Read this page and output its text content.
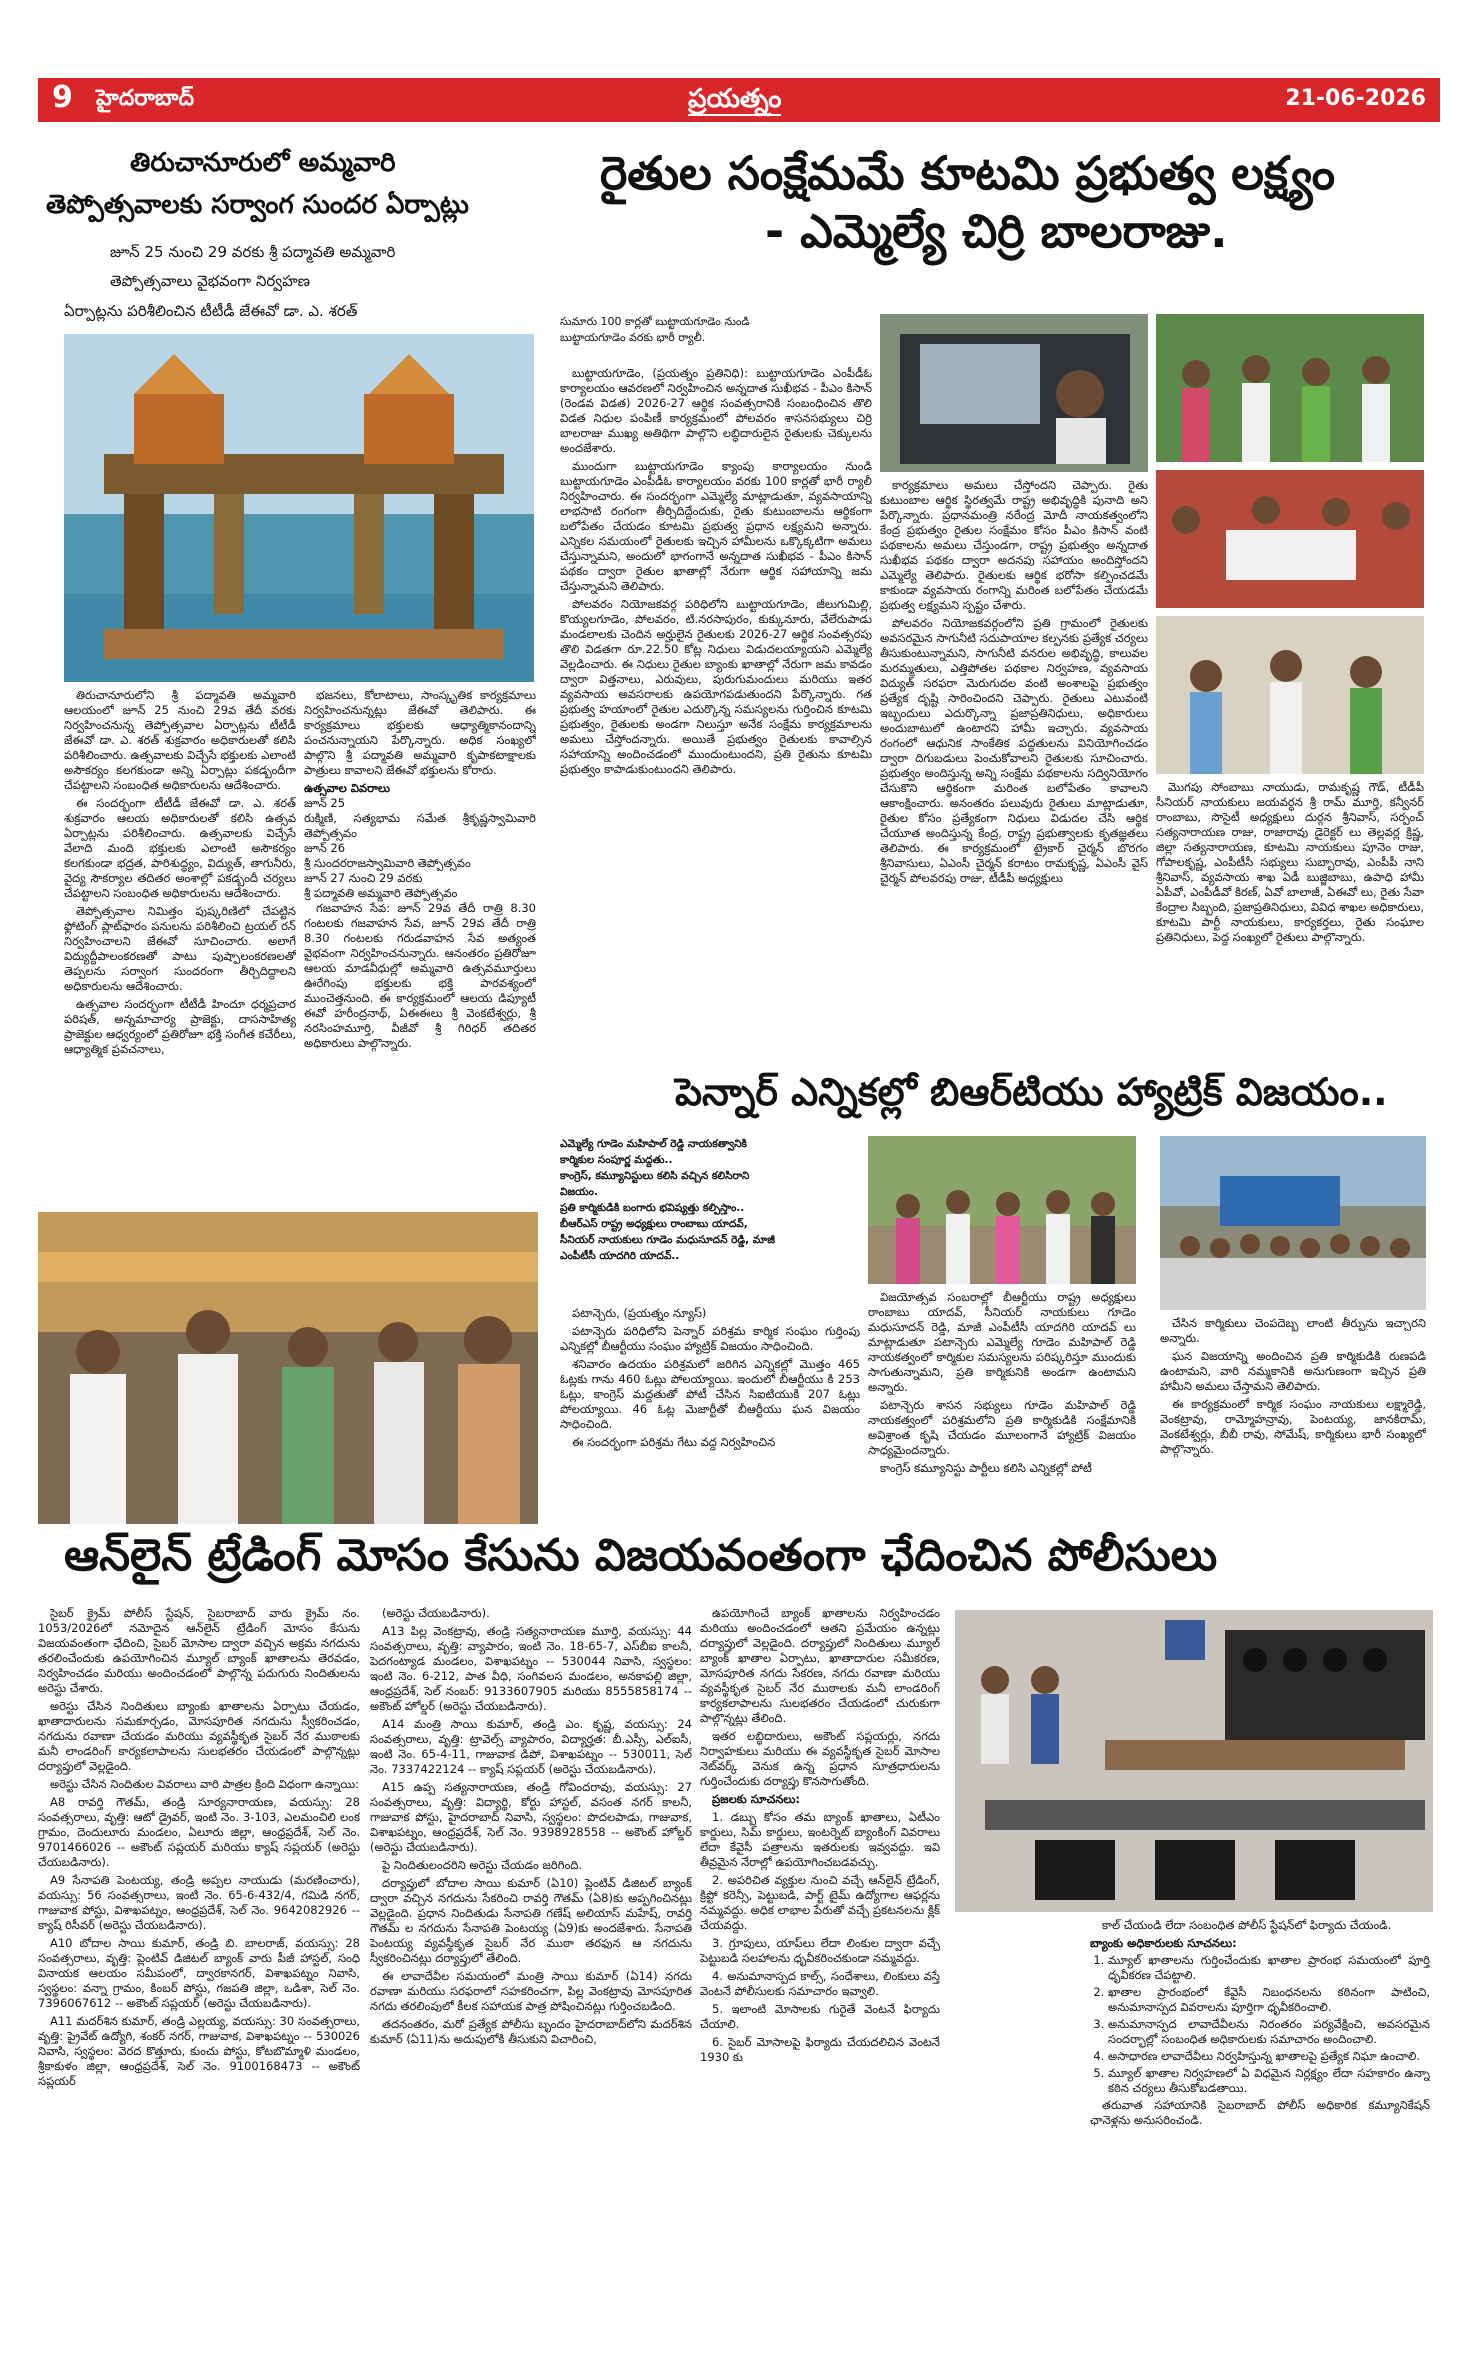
9 హైదరాబాద్	ప్రయత్నం	21-06-2026
తిరుచానూరులో అమ్మవారి
తెప్పోత్సవాలకు సర్వాంగ సుందర ఏర్పాట్లు
జూన్ 25 నుంచి 29 వరకు శ్రీ పద్మావతి అమ్మవారి
తెప్పోత్సవాలు వైభవంగా నిర్వహణ
ఏర్పాట్లను పరిశీలించిన టీటీడీ జేఈవో డా. ఎ. శరత్

తిరుచానూరులోని శ్రీ పద్మావతి అమ్మవారి ఆలయంలో జూన్ 25 నుంచి 29వ తేదీ వరకు నిర్వహించనున్న తెప్పోత్సవాల ఏర్పాట్లను టీటీడీ జేఈవో డా. ఎ. శరత్ శుక్రవారం అధికారులతో కలిసి పరిశీలించారు. ఉత్సవాలకు విచ్చేసే భక్తులకు ఎలాంటి అసౌకర్యం కలగకుండా అన్ని ఏర్పాట్లు పకడ్బందీగా చేపట్టాలని సంబంధిత అధికారులను ఆదేశించారు.

ఈ సందర్భంగా టీటీడీ జేఈవో డా. ఎ. శరత్ శుక్రవారం ఆలయ అధికారులతో కలిసి ఉత్సవ ఏర్పాట్లను పరిశీలించారు. ఉత్సవాలకు విచ్చేసే వేలాది మంది భక్తులకు ఎలాంటి అసౌకర్యం కలగకుండా భద్రత, పారిశుద్ధ్యం, విద్యుత్, తాగునీరు, వైద్య సౌకర్యాల తదితర అంశాల్లో పకడ్బందీ చర్యలు చేపట్టాలని సంబంధిత అధికారులను ఆదేశించారు.

తెప్పోత్సవాల నిమిత్తం పుష్కరిణిలో చేపట్టిన ఫ్లోటింగ్ ప్లాట్‌ఫారం పనులను పరిశీలించి ట్రయల్ రన్ నిర్వహించాలని జేఈవో సూచించారు. అలాగే విద్యుద్దీపాలంకరణతో పాటు పుష్పాలంకరణలతో తెప్పలను సర్వాంగ సుందరంగా తీర్చిదిద్దాలని అధికారులను ఆదేశించారు.

ఉత్సవాల సందర్భంగా టీటీడీ హిందూ ధర్మప్రచార పరిషత్, అన్నమాచార్య ప్రాజెక్టు, దాససాహిత్య ప్రాజెక్టుల ఆధ్వర్యంలో ప్రతిరోజూ భక్తి సంగీత కచేరీలు, ఆధ్యాత్మిక ప్రవచనాలు,

భజనలు, కోలాటాలు, సాంస్కృతిక కార్యక్రమాలు నిర్వహించనున్నట్లు జేఈవో తెలిపారు. ఈ కార్యక్రమాలు భక్తులకు ఆధ్యాత్మికానందాన్ని పంచనున్నాయని పేర్కొన్నారు. అధిక సంఖ్యలో పాల్గొని శ్రీ పద్మావతి అమ్మవారి కృపాకటాక్షాలకు పాత్రులు కావాలని జేఈవో భక్తులను కోరారు.

ఉత్సవాల వివరాలు
జూన్ 25
రుక్మిణి, సత్యభామ సమేత శ్రీకృష్ణస్వామివారి తెప్పోత్సవం
జూన్ 26
శ్రీ సుందరరాజస్వామివారి తెప్పోత్సవం
జూన్ 27 నుంచి 29 వరకు
శ్రీ పద్మావతి అమ్మవారి తెప్పోత్సవం

గజవాహన సేవ: జూన్ 29వ తేదీ రాత్రి 8.30 గంటలకు గజవాహన సేవ, జూన్ 29వ తేదీ రాత్రి 8.30 గంటలకు గరుడవాహన సేవ అత్యంత వైభవంగా నిర్వహించనున్నారు. ఆనంతరం ప్రతిరోజూ ఆలయ మాడవీధుల్లో అమ్మవారి ఉత్సవమూర్తులు ఊరేగింపు భక్తులకు భక్తి పారవశ్యంలో ముంచెత్తనుంది. ఈ కార్యక్రమంలో ఆలయ డిప్యూటీ ఈవో హరీంద్రనాథ్, ఏఈఈలు శ్రీ వెంకటేశ్వర్లు, శ్రీ నరసింహమూర్తి, వీజీవో శ్రీ గిరిధర్ తదితర అధికారులు పాల్గొన్నారు.

రైతుల సంక్షేమమే కూటమి ప్రభుత్వ లక్ష్యం
- ఎమ్మెల్యే చిర్రి బాలరాజు.
సుమారు 100 కార్లతో బుట్టాయగూడెం నుండి
బుట్టాయగూడెం వరకు భారీ ర్యాలీ.

బుట్టాయగూడెం, (ప్రయత్నం ప్రతినిధి): బుట్టాయగూడెం ఎంపీడీఓ కార్యాలయం ఆవరణలో నిర్వహించిన అన్నదాత సుఖీభవ - పీఎం కిసాన్ (రెండవ విడత) 2026-27 ఆర్థిక సంవత్సరానికి సంబంధించిన తొలి విడత నిధుల పంపిణీ కార్యక్రమంలో పోలవరం శాసనసభ్యులు చిర్రి బాలరాజు ముఖ్య అతిథిగా పాల్గొని లబ్ధిదారులైన రైతులకు చెక్కులను అందజేశారు.

ముందుగా బుట్టాయగూడెం క్యాంపు కార్యాలయం నుండి బుట్టాయగూడెం ఎంపీడీఓ కార్యాలయం వరకు 100 కార్లతో భారీ ర్యాలీ నిర్వహించారు. ఈ సందర్భంగా ఎమ్మెల్యే మాట్లాడుతూ, వ్యవసాయాన్ని లాభసాటి రంగంగా తీర్చిదిద్దేందుకు, రైతు కుటుంబాలను ఆర్థికంగా బలోపేతం చేయడం కూటమి ప్రభుత్వ ప్రధాన లక్ష్యమని అన్నారు. ఎన్నికల సమయంలో రైతులకు ఇచ్చిన హామీలను ఒక్కొక్కటిగా అమలు చేస్తున్నామని, అందులో భాగంగానే అన్నదాత సుఖీభవ - పీఎం కిసాన్ పథకం ద్వారా రైతుల ఖాతాల్లో నేరుగా ఆర్థిక సహాయాన్ని జమ చేస్తున్నామని తెలిపారు.

పోలవరం నియోజకవర్గ పరిధిలోని బుట్టాయగూడెం, జీలుగుమిల్లి, కొయ్యలగూడెం, పోలవరం, టి.నరసాపురం, కుక్కునూరు, వేలేరుపాడు మండలాలకు చెందిన అర్హులైన రైతులకు 2026-27 ఆర్థిక సంవత్సరపు తొలి విడతగా రూ.22.50 కోట్ల నిధులు విడుదలయ్యాయని ఎమ్మెల్యే వెల్లడించారు. ఈ నిధులు రైతుల బ్యాంకు ఖాతాల్లో నేరుగా జమ కావడం ద్వారా విత్తనాలు, ఎరువులు, పురుగుమందులు మరియు ఇతర వ్యవసాయ అవసరాలకు ఉపయోగపడుతుందని పేర్కొన్నారు. గత ప్రభుత్వ హయాంలో రైతుల ఎదుర్కొన్న సమస్యలను గుర్తించిన కూటమి ప్రభుత్వం, రైతులకు అండగా నిలుస్తూ అనేక సంక్షేమ కార్యక్రమాలను అమలు చేస్తోందన్నారు. అయితే ప్రభుత్వం రైతులకు కావాల్సిన సహాయాన్ని అందించడంలో ముందుంటుందని, ప్రతి రైతును కూటమి ప్రభుత్వం కాపాడుకుంటుందని తెలిపారు.

కార్యక్రమాలు అమలు చేస్తోందని చెప్పారు. రైతు కుటుంబాల ఆర్థిక స్థిరత్వమే రాష్ట్ర అభివృద్ధికి పునాది అని పేర్కొన్నారు. ప్రధానమంత్రి నరేంద్ర మోదీ నాయకత్వంలోని కేంద్ర ప్రభుత్వం రైతుల సంక్షేమం కోసం పీఎం కిసాన్ వంటి పథకాలను అమలు చేస్తుండగా, రాష్ట్ర ప్రభుత్వం అన్నదాత సుఖీభవ పథకం ద్వారా అదనపు సహాయం అందిస్తోందని ఎమ్మెల్యే తెలిపారు. రైతులకు ఆర్థిక భరోసా కల్పించడమే కాకుండా వ్యవసాయ రంగాన్ని మరింత బలోపేతం చేయడమే ప్రభుత్వ లక్ష్యమని స్పష్టం చేశారు.

పోలవరం నియోజకవర్గంలోని ప్రతి గ్రామంలో రైతులకు అవసరమైన సాగునీటి సదుపాయాల కల్పనకు ప్రత్యేక చర్యలు తీసుకుంటున్నామని, సాగునీటి వనరుల అభివృద్ధి, కాలువల మరమ్మతులు, ఎత్తిపోతల పథకాల నిర్వహణ, వ్యవసాయ విద్యుత్ సరఫరా మెరుగుదల వంటి అంశాలపై ప్రభుత్వం ప్రత్యేక దృష్టి సారించిందని చెప్పారు. రైతులు ఎటువంటి ఇబ్బందులు ఎదుర్కొన్నా ప్రజాప్రతినిధులు, అధికారులు అందుబాటులో ఉంటారని హామీ ఇచ్చారు. వ్యవసాయ రంగంలో ఆధునిక సాంకేతిక పద్ధతులను వినియోగించడం ద్వారా దిగుబడులు పెంచుకోవాలని రైతులకు సూచించారు. ప్రభుత్వం అందిస్తున్న అన్ని సంక్షేమ పథకాలను సద్వినియోగం చేసుకొని ఆర్థికంగా మరింత బలోపేతం కావాలని ఆకాంక్షించారు. అనంతరం పలువురు రైతులు మాట్లాడుతూ, రైతుల కోసం ప్రత్యేకంగా నిధులు విడుదల చేసి ఆర్థిక చేయూత అందిస్తున్న కేంద్ర, రాష్ట్ర ప్రభుత్వాలకు కృతజ్ఞతలు తెలిపారు. ఈ కార్యక్రమంలో ట్రైకార్ చైర్మన్ బొరగం శ్రీనివాసులు, ఏఎంసీ చైర్మన్ కరాటం రామకృష్ణ, ఏఎంసీ వైస్ చైర్మన్ పోలవరపు రాజు, టీడీపీ అధ్యక్షులు

మొగపు సోంబాబు నాయుడు, రామకృష్ణ గౌడ్, టీడీపీ సీనియర్ నాయకులు జయవర్ధన శ్రీ రామ్ మూర్తి, కన్వీనర్ రాంబాబు, సొసైటీ అధ్యక్షులు దుర్గన శ్రీనివాస్, సర్పంచ్ సత్యనారాయణ రాజు, రాజారావు డైరెక్టర్ లు తెల్లవర్ల క్రిష్ణ, జిల్లా సత్యనారాయణ, కూటమి నాయకులు పూనెం రాజు, గోపాలకృష్ణ, ఎంపీటీసీ సభ్యులు సుబ్బారావు, ఎంపీపీ నాని శ్రీనివాస్, వ్యవసాయ శాఖ ఏడీ బుజ్జిబాబు, ఉపాధి హామీ ఏపీవో, ఎంపీడీవో కిరణ్, ఏవో బాలాజీ, ఏఈవో లు, రైతు సేవా కేంద్రాల సిబ్బంది, ప్రజాప్రతినిధులు, వివిధ శాఖల అధికారులు, కూటమి పార్టీ నాయకులు, కార్యకర్తలు, రైతు సంఘాల ప్రతినిధులు, పెద్ద సంఖ్యలో రైతులు పాల్గొన్నారు.

పెన్నార్ ఎన్నికల్లో బిఆర్‌టియు హ్యాట్రిక్ విజయం..
ఎమ్మెల్యే గూడెం మహిపాల్ రెడ్డి నాయకత్వానికి
కార్మికుల సంపూర్ణ మద్దతు..
కాంగ్రెస్, కమ్యూనిస్టులు కలిసి వచ్చిన కలిసిరాని
విజయం.
ప్రతి కార్మికుడికి బంగారు భవిష్యత్తు కల్పిస్తాం..
బీఆర్ఎస్ రాష్ట్ర అధ్యక్షులు రాంబాబు యాదవ్,
సీనియర్ నాయకులు గూడెం మధుసూదన్ రెడ్డి, మాజీ
ఎంపీటీసీ యాదగిరి యాదవ్..

పటాన్చెరు, (ప్రయత్నం న్యూస్)

పటాన్చెరు పరిధిలోని పెన్నార్ పరిశ్రమ కార్మిక సంఘం గుర్తింపు ఎన్నికల్లో బీఆర్టీయు సంఘం హ్యాట్రిక్ విజయం సాధించింది.

శనివారం ఉదయం పరిశ్రమలో జరిగిన ఎన్నికల్లో మొత్తం 465 ఓట్లకు గాను 460 ఓట్లు పోలయ్యాయి. ఇందులో బీఆర్టీయు కి 253 ఓట్లు, కాంగ్రెస్ మద్దతుతో పోటీ చేసిన సిఐటియుకి 207 ఓట్లు పోలయ్యాయి. 46 ఓట్ల మెజార్టీతో బీఆర్టీయు ఘన విజయం సాధించింది.

ఈ సందర్భంగా పరిశ్రమ గేటు వద్ద నిర్వహించిన

విజయోత్సవ సంబరాల్లో బీఆర్టీయు రాష్ట్ర అధ్యక్షులు రాంబాబు యాదవ్, సీనియర్ నాయకులు గూడెం మధుసూదన్ రెడ్డి, మాజీ ఎంపీటీసీ యాదగిరి యాదవ్ లు మాట్లాడుతూ పటాన్చెరు ఎమ్మెల్యే గూడెం మహిపాల్ రెడ్డి నాయకత్వంలో కార్మికుల సమస్యలను పరిష్కరిస్తూ ముందుకు సాగుతున్నామని, ప్రతి కార్మికునికి అండగా ఉంటామని అన్నారు.

పటాన్చెరు శాసన సభ్యులు గూడెం మహిపాల్ రెడ్డి నాయకత్వంలో పరిశ్రమలోని ప్రతి కార్మికుడికి సంక్షేమానికి అవిశ్రాంత కృషి చేయడం మూలంగానే హ్యాట్రిక్ విజయం సాధ్యమైందన్నారు.

కాంగ్రెస్ కమ్యూనిస్టు పార్టీలు కలిసి ఎన్నికల్లో పోటీ

చేసిన కార్మికులు చెంపదెబ్బ లాంటి తీర్పును ఇచ్చారని అన్నారు.

ఘన విజయాన్ని అందించిన ప్రతి కార్మికుడికి రుణపడి ఉంటామని, వారి నమ్మకానికి అనుగుణంగా ఇచ్చిన ప్రతి హామీని అమలు చేస్తామని తెలిపారు.

ఈ కార్యక్రమంలో కార్మిక సంఘం నాయకులు లక్ష్మారెడ్డి, వెంకట్రావు, రామ్మోహన్రావు, పెంటయ్య, జానకిరామ్, వెంకటేశ్వర్లు, బీబీ రావు, సోమేష్, కార్మికులు భారీ సంఖ్యలో పాల్గొన్నారు.

ఆన్‌లైన్ ట్రేడింగ్ మోసం కేసును విజయవంతంగా ఛేదించిన పోలీసులు

సైబర్ క్రైమ్ పోలీస్ స్టేషన్, సైబరాబాద్ వారు క్రైమ్ నం. 1053/2026లో నమోదైన ఆన్‌లైన్ ట్రేడింగ్ మోసం కేసును విజయవంతంగా ఛేదించి, సైబర్ మోసాల ద్వారా వచ్చిన అక్రమ నగదును తరలించేందుకు ఉపయోగించిన మ్యూల్ బ్యాంక్ ఖాతాలను తెరవడం, నిర్వహించడం మరియు అందించడంలో పాల్గొన్న పదుగురు నిందితులను అరెస్టు చేశారు.

అరెస్టు చేసిన నిందితులు బ్యాంకు ఖాతాలను ఏర్పాటు చేయడం, ఖాతాదారులను సమకూర్చడం, మోసపూరిత నగదును స్వీకరించడం, నగదును రవాణా చేయడం మరియు వ్యవస్థీకృత సైబర్ నేర ముఠాలకు మనీ లాండరింగ్ కార్యకలాపాలను సులభతరం చేయడంలో పాల్గొన్నట్లు దర్యాప్తులో వెల్లడైంది.

అరెస్టు చేసిన నిందితుల వివరాలు వారి పాత్రల క్రింది విధంగా ఉన్నాయి:

A8 రావర్తి గౌతమ్, తండ్రి సూర్యనారాయణ, వయస్సు: 28 సంవత్సరాలు, వృత్తి: ఆటో డ్రైవర్, ఇంటి నెం. 3-103, ఎలమంచిలి లంక గ్రామం, దెందులూరు మండలం, ఏలూరు జిల్లా, ఆంధ్రప్రదేశ్, సెల్ నెం. 9701466026 -- అకౌంట్ సప్లయర్ మరియు క్యాష్ సప్లయర్ (అరెస్టు చేయబడినారు).

A9 సేనాపతి పెంటయ్య, తండ్రి అప్పల నాయుడు (మరణించారు), వయస్సు: 56 సంవత్సరాలు, ఇంటి నెం. 65-6-432/4, గమిడి నగర్, గాజువాక పోస్టు, విశాఖపట్నం, ఆంధ్రప్రదేశ్, సెల్ నెం. 9642082926 -- క్యాష్ రిసీవర్ (అరెస్టు చేయబడినారు).

A10 బోదాల సాయి కుమార్, తండ్రి బి. బాలరాజ్, వయస్సు: 28 సంవత్సరాలు, వృత్తి: ప్లెంటివ్ డిజిటల్ బ్యాంక్ వారు పీజీ హాస్టల్, సంధి వినాయక ఆలయం సమీపంలో, ద్వారకానగర్, విశాఖపట్నం నివాసి, స్వస్థలం: వన్నా గ్రామం, కింబర్ పోస్టు, గజపతి జిల్లా, ఒడిశా, సెల్ నెం. 7396067612 -- అకౌంట్ సప్లయర్ (అరెస్టు చేయబడినారు).

A11 మదర్‌శిన కుమార్, తండ్రి ఎల్లయ్య, వయస్సు: 30 సంవత్సరాలు, వృత్తి: ప్రైవేట్ ఉద్యోగి, శంకర్ నగర్, గాజువాక, విశాఖపట్నం -- 530026 నివాసి, స్వస్థలం: వెరద కొత్తూరు, కుంచు పోస్టు, కోటబొమ్మాళి మండలం, శ్రీకాకుళం జిల్లా, ఆంధ్రప్రదేశ్, సెల్ నెం. 9100168473 -- అకౌంట్ సప్లయర్

(అరెస్టు చేయబడినారు).

A13 పిల్ల వెంకట్రావు, తండ్రి సత్యనారాయణ మూర్తి, వయస్సు: 44 సంవత్సరాలు, వృత్తి: వ్యాపారం, ఇంటి నెం. 18-65-7, ఎస్‌బీఐ కాలనీ, పెదగంట్యాడ మండలం, విశాఖపట్నం -- 530044 నివాసి, స్వస్థలం: ఇంటి నెం. 6-212, పాత వీధి, సంగివలస మండలం, అనకాపల్లి జిల్లా, ఆంధ్రప్రదేశ్, సెల్ నంబర్: 9133607905 మరియు 8555858174 -- అకౌంట్ హోల్డర్ (అరెస్టు చేయబడినారు).

A14 మంత్రి సాయి కుమార్, తండ్రి ఎం. కృష్ణ, వయస్సు: 24 సంవత్సరాలు, వృత్తి: ట్రావెల్స్ వ్యాపారం, విద్యార్హత: బీ.ఎస్సీ, ఎల్‌ఐసీ, ఇంటి నెం. 65-4-11, గాజువాక డిపో, విశాఖపట్నం -- 530011, సెల్ నెం. 7337422124 -- క్యాష్ సప్లయర్ (అరెస్టు చేయబడినారు).

A15 ఉప్ప సత్యనారాయణ, తండ్రి గోవిందరావు, వయస్సు: 27 సంవత్సరాలు, వృత్తి: విద్యార్థి, కోర్టు హాస్టల్, వసంత నగర్ కాలనీ, గాజువాక పోస్టు, హైదరాబాద్ నివాసి, స్వస్థలం: పొదలపాడు, గాజువాక, విశాఖపట్నం, ఆంధ్రప్రదేశ్, సెల్ నెం. 9398928558 -- అకౌంట్ హోల్డర్ (అరెస్టు చేయబడినారు).

పై నిందితులందరిని అరెస్టు చేయడం జరిగింది.

దర్యాప్తులో బోదాల సాయి కుమార్ (ఏ10) ప్లెంటివ్ డిజిటల్ బ్యాంక్ ద్వారా వచ్చిన నగదును సేకరించి రావర్తి గౌతమ్ (ఏ8)కు అప్పగించినట్లు వెల్లడైంది. ప్రధాన నిందితుడు సేనాపతి గణేష్ అలియాస్ మహేష్, రావర్తి గౌతమ్ ల నగదును సేనాపతి పెంటయ్య (ఏ9)కు అందజేశారు. సేనాపతి పెంటయ్య వ్యవస్థీకృత సైబర్ నేర ముఠా తరఫున ఆ నగదును స్వీకరించినట్లు దర్యాప్తులో తేలింది.

ఈ లావాదేవీల సమయంలో మంత్రి సాయి కుమార్ (ఏ14) నగదు రవాణా మరియు సరఫరాలో సహకరించగా, పిల్ల వెంకట్రావు మోసపూరిత నగదు తరలింపులో కీలక సహాయక పాత్ర పోషించినట్లు గుర్తించబడింది.

తదనంతరం, మరో ప్రత్యేక పోలీసు బృందం హైదరాబాద్‌లోని మదర్‌శిన కుమార్ (ఏ11)ను అదుపులోకి తీసుకుని విచారించి,

ఉపయోగించే బ్యాంక్ ఖాతాలను నిర్వహించడం మరియు అందించడంలో ఆతని ప్రమేయం ఉన్నట్లు దర్యాప్తులో వెల్లడైంది. దర్యాప్తులో నిందితులు మ్యూల్ బ్యాంక్ ఖాతాల ఏర్పాటు, ఖాతాదారుల సమీకరణ, మోసపూరిత నగదు సేకరణ, నగదు రవాణా మరియు వ్యవస్థీకృత సైబర్ నేర ముఠాలకు మనీ లాండరింగ్ కార్యకలాపాలను సులభతరం చేయడంలో చురుకుగా పాల్గొన్నట్లు తేలింది.

ఇతర లబ్ధిదారులు, అకౌంట్ సప్లయర్లు, నగదు నిర్వాహకులు మరియు ఈ వ్యవస్థీకృత సైబర్ మోసాల నెట్‌వర్క్ వెనుక ఉన్న ప్రధాన సూత్రధారులను గుర్తించేందుకు దర్యాప్తు కొనసాగుతోంది.

ప్రజలకు సూచనలు:

1. డబ్బు కోసం తమ బ్యాంక్ ఖాతాలు, ఏటీఎం కార్డులు, సిమ్ కార్డులు, ఇంటర్నెట్ బ్యాంకింగ్ వివరాలు లేదా కేవైసీ పత్రాలను ఇతరులకు ఇవ్వవద్దు. ఇవి తీవ్రమైన నేరాల్లో ఉపయోగించబడవచ్చు.

2. అపరిచిత వ్యక్తుల నుంచి వచ్చే ఆన్‌లైన్ ట్రేడింగ్, క్రిప్టో కరెన్సీ, పెట్టుబడి, పార్ట్ టైమ్ ఉద్యోగాల ఆఫర్లను నమ్మవద్దు. అధిక లాభాల పేరుతో వచ్చే ప్రకటనలను క్లిక్ చేయవద్దు.

3. గ్రూపులు, యాప్‌లు లేదా లింకుల ద్వారా వచ్చే పెట్టుబడి సలహాలను ధృవీకరించకుండా నమ్మవద్దు.

4. అనుమానాస్పద కాల్స్, సందేశాలు, లింకులు వస్తే వెంటనే పోలీసులకు సమాచారం ఇవ్వాలి.

5. ఇలాంటి మోసాలకు గురైతే వెంటనే ఫిర్యాదు చేయాలి.

6. సైబర్ మోసాలపై ఫిర్యాదు చేయదలిచిన వెంటనే 1930 కు

కాల్ చేయండి లేదా సంబంధిత పోలీస్ స్టేషన్‌లో ఫిర్యాదు చేయండి.

బ్యాంకు అధికారులకు సూచనలు:
1. మ్యూల్ ఖాతాలను గుర్తించేందుకు ఖాతాల ప్రారంభ సమయంలో పూర్తి ధృవీకరణ చేపట్టాలి.
2. ఖాతాల ప్రారంభంలో కేవైసీ నిబంధనలను కఠినంగా పాటించి, అనుమానాస్పద వివరాలను పూర్తిగా ధృవీకరించాలి.
3. అనుమానాస్పద లావాదేవీలను నిరంతరం పర్యవేక్షించి, అవసరమైన సందర్భాల్లో సంబంధిత అధికారులకు సమాచారం అందించాలి.
4. అసాధారణ లావాదేవీలు నిర్వహిస్తున్న ఖాతాలపై ప్రత్యేక నిఘా ఉంచాలి.
5. మ్యూల్ ఖాతాల నిర్వహణలో ఏ విధమైన నిర్లక్ష్యం లేదా సహకారం ఉన్నా కఠిన చర్యలు తీసుకోబడతాయి.

తరువాత సహాయానికి సైబరాబాద్ పోలీస్ అధికారిక కమ్యూనికేషన్ ఛానెళ్లను అనుసరించండి.
